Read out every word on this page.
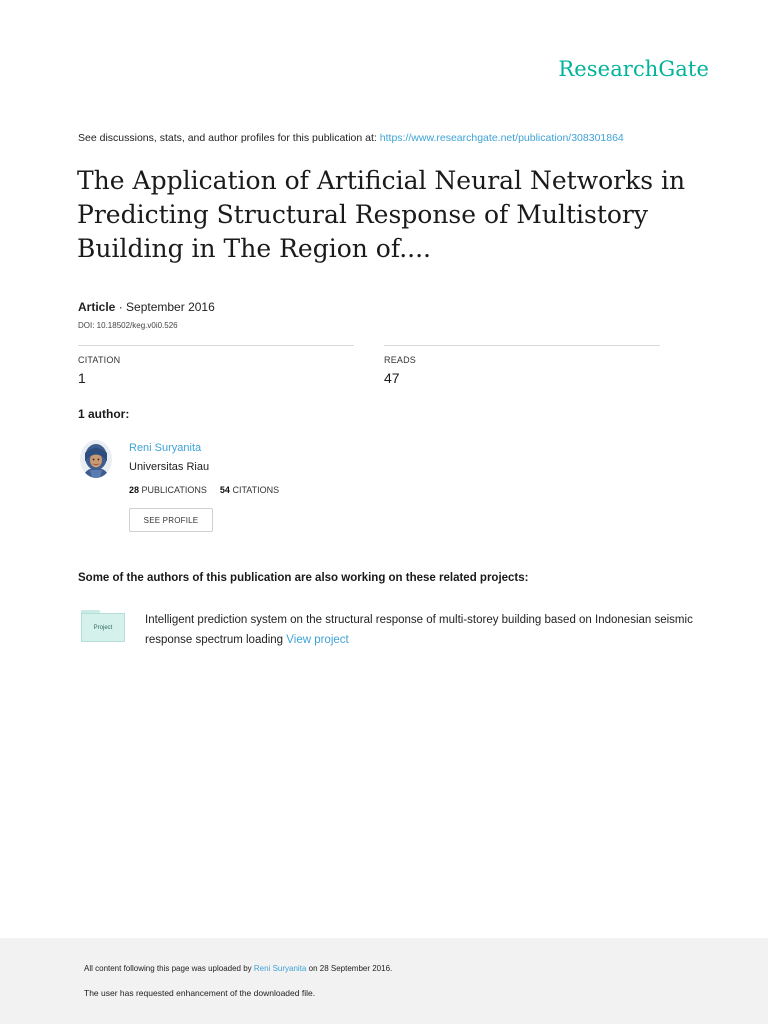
ResearchGate
See discussions, stats, and author profiles for this publication at: https://www.researchgate.net/publication/308301864
The Application of Artificial Neural Networks in Predicting Structural Response of Multistory Building in The Region of....
Article · September 2016
DOI: 10.18502/keg.v0i0.526
CITATION
1
READS
47
1 author:
Reni Suryanita
Universitas Riau
28 PUBLICATIONS 54 CITATIONS
SEE PROFILE
Some of the authors of this publication are also working on these related projects:
Project
Intelligent prediction system on the structural response of multi-storey building based on Indonesian seismic response spectrum loading View project
All content following this page was uploaded by Reni Suryanita on 28 September 2016.
The user has requested enhancement of the downloaded file.
